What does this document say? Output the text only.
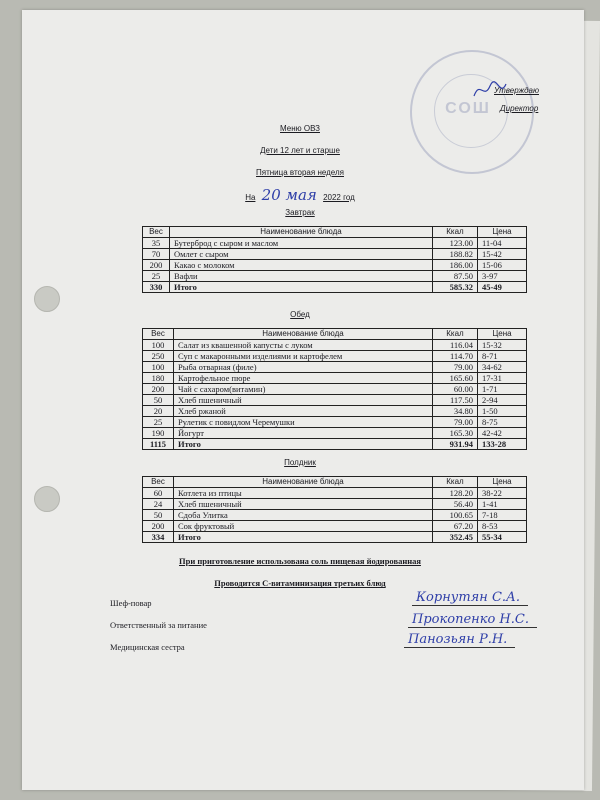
СОШ
Утверждаю
Директор
Меню ОВЗ
Дети 12 лет и старше
Пятница вторая неделя
На 20 мая 2022 год
Завтрак
Вес	Наименование блюда	Ккал	Цена
35	Бутерброд с сыром и маслом	123.00	11-04
70	Омлет с сыром	188.82	15-42
200	Какао с молоком	186.00	15-06
25	Вафли	87.50	3-97
330	Итого	585.32	45-49
Обед
Вес	Наименование блюда	Ккал	Цена
100	Салат из квашенной капусты с луком	116.04	15-32
250	Суп с макаронными изделиями и картофелем	114.70	8-71
100	Рыба отварная (филе)	79.00	34-62
180	Картофельное пюре	165.60	17-31
200	Чай с сахаром(витамин)	60.00	1-71
50	Хлеб пшеничный	117.50	2-94
20	Хлеб ржаной	34.80	1-50
25	Рулетик с повидлом Черемушки	79.00	8-75
190	Йогурт	165.30	42-42
1115	Итого	931.94	133-28
Полдник
Вес	Наименование блюда	Ккал	Цена
60	Котлета из птицы	128.20	38-22
24	Хлеб пшеничный	56.40	1-41
50	Сдоба Улитка	100.65	7-18
200	Сок фруктовый	67.20	8-53
334	Итого	352.45	55-34
При приготовление использована соль пищевая йодированная
Проводится С-витаминизация третьих блюд
Шеф-повар	Корнутян С.А.
Ответственный за питание	Прокопенко Н.С.
Медицинская сестра	Панозьян Р.Н.
